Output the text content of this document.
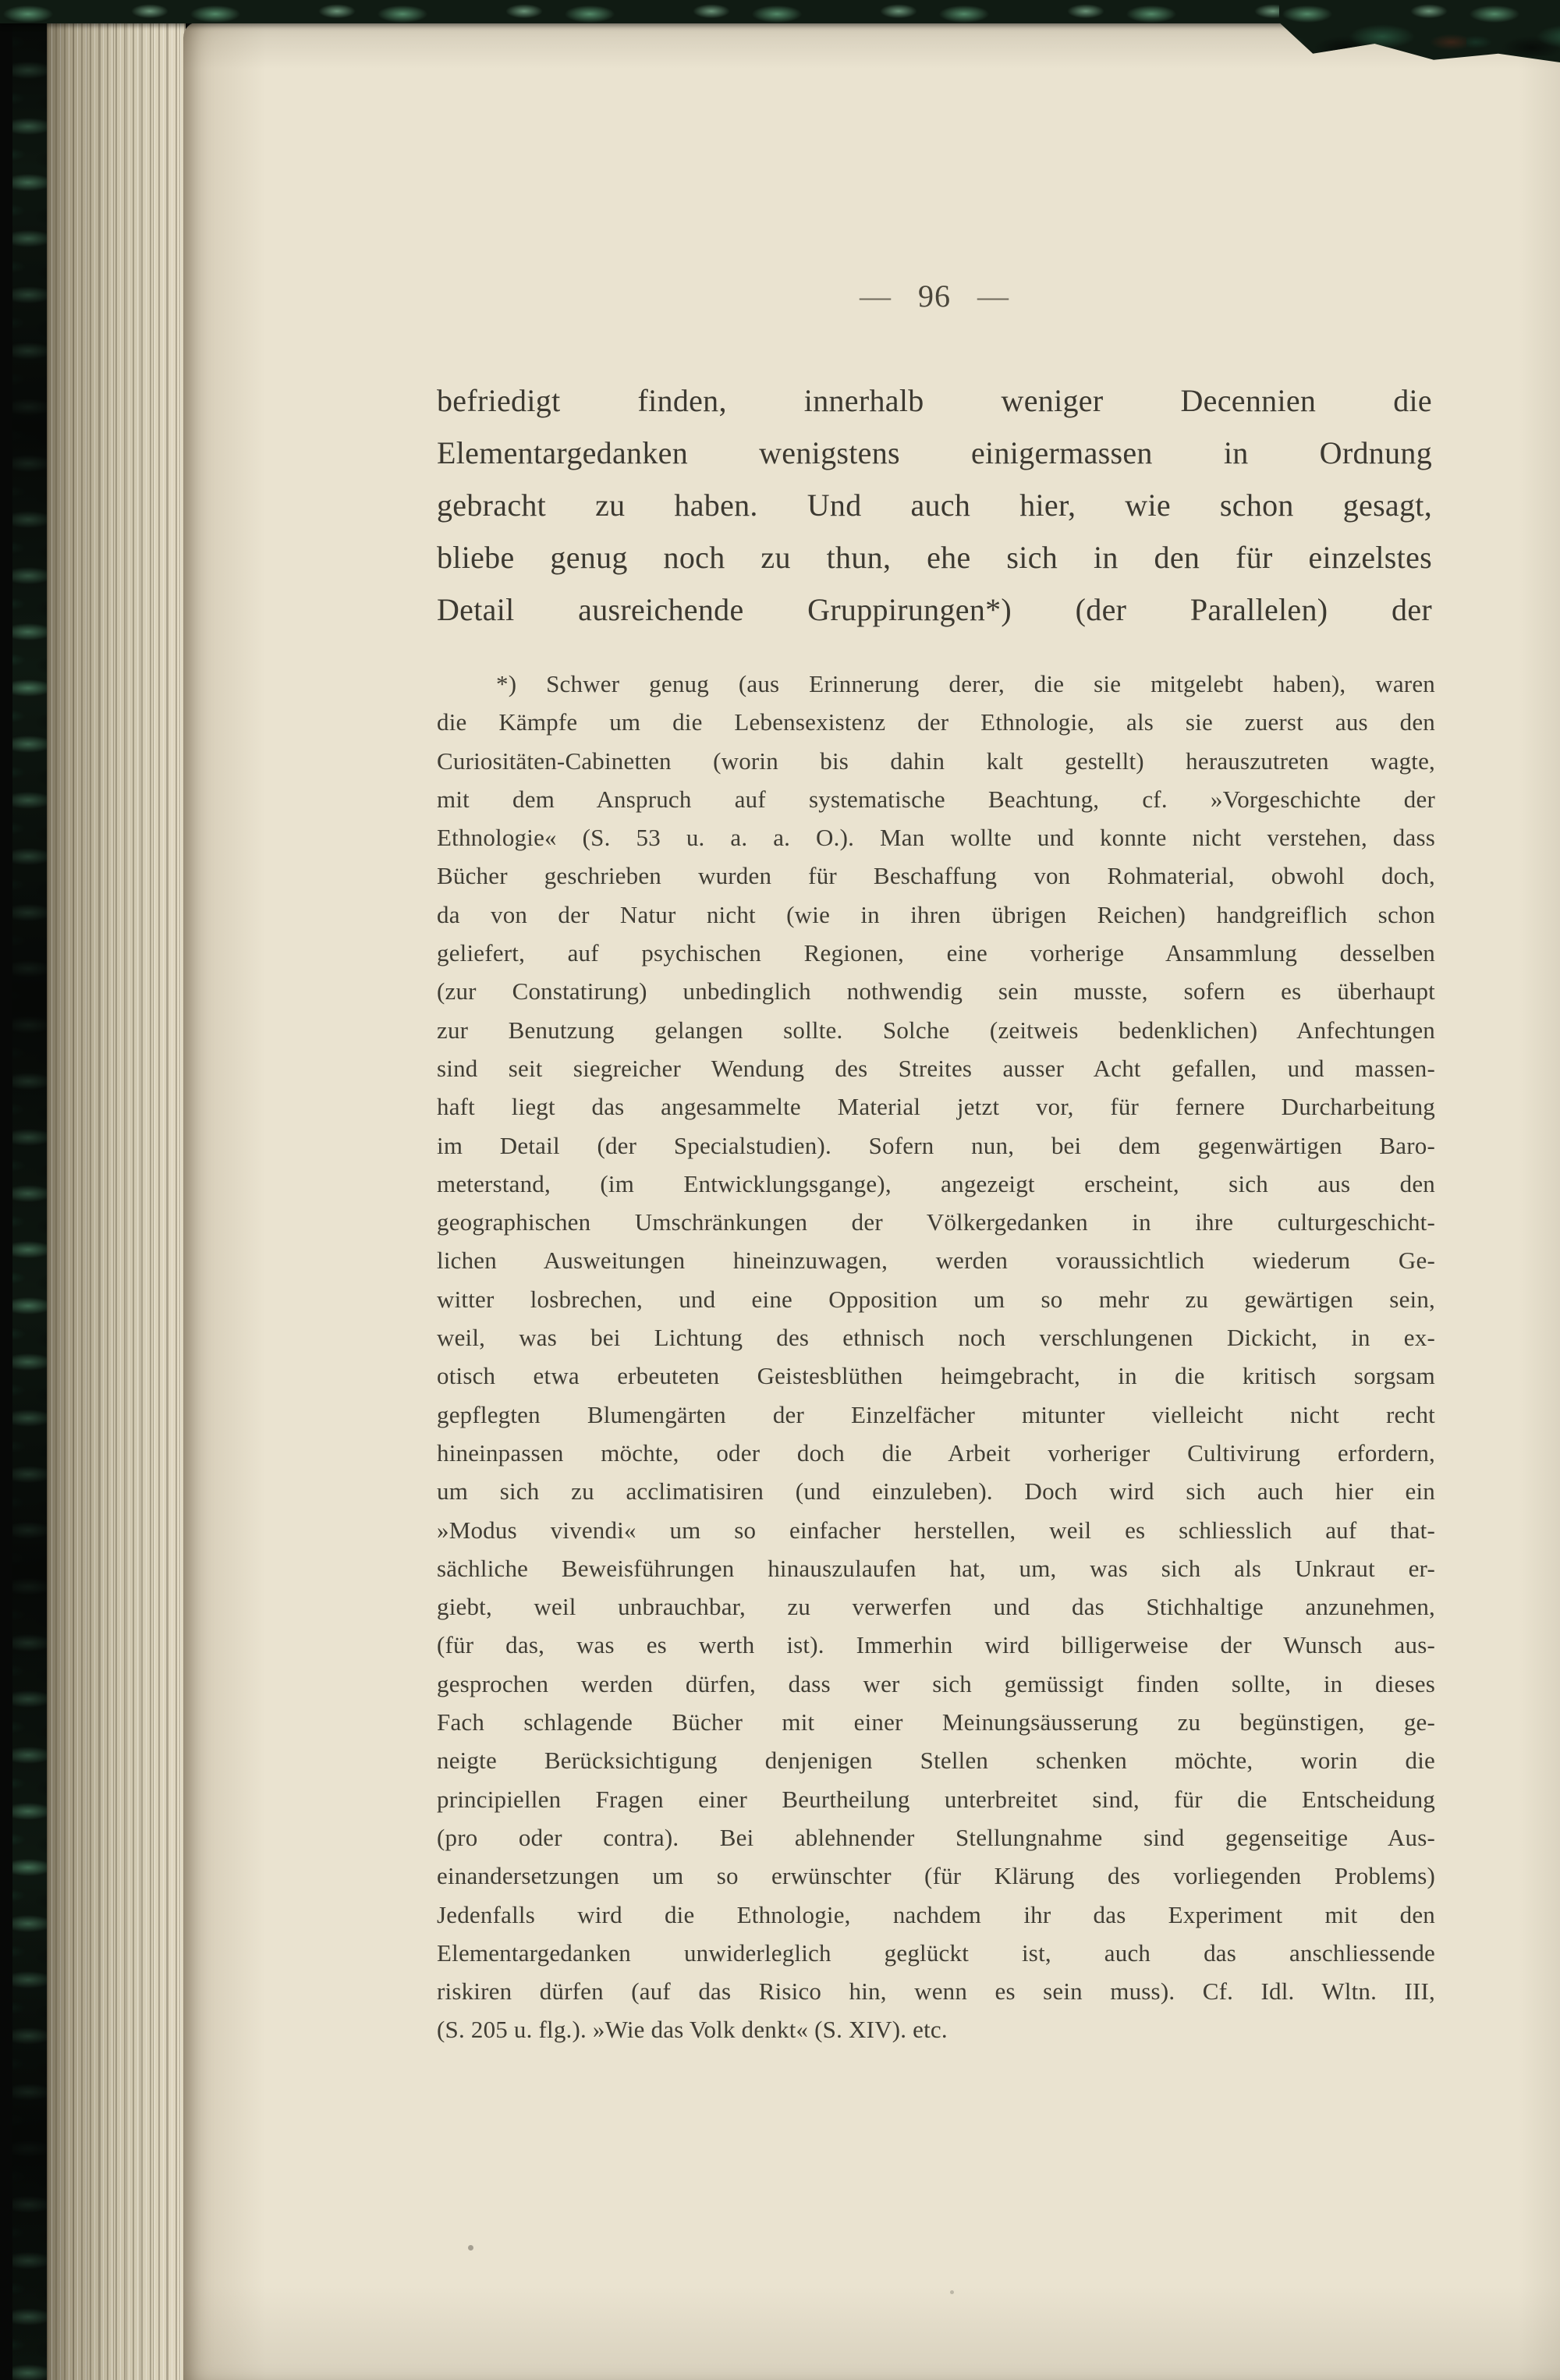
— 96 —
befriedigt finden, innerhalb weniger Decennien die
Elementargedanken wenigstens einigermassen in Ordnung
gebracht zu haben. Und auch hier, wie schon gesagt,
bliebe genug noch zu thun, ehe sich in den für einzelstes
Detail ausreichende Gruppirungen*) (der Parallelen) der
*) Schwer genug (aus Erinnerung derer, die sie mitgelebt haben), waren
die Kämpfe um die Lebensexistenz der Ethnologie, als sie zuerst aus den
Curiositäten-Cabinetten (worin bis dahin kalt gestellt) herauszutreten wagte,
mit dem Anspruch auf systematische Beachtung, cf. »Vorgeschichte der
Ethnologie« (S. 53 u. a. a. O.). Man wollte und konnte nicht verstehen, dass
Bücher geschrieben wurden für Beschaffung von Rohmaterial, obwohl doch,
da von der Natur nicht (wie in ihren übrigen Reichen) handgreiflich schon
geliefert, auf psychischen Regionen, eine vorherige Ansammlung desselben
(zur Constatirung) unbedinglich nothwendig sein musste, sofern es überhaupt
zur Benutzung gelangen sollte. Solche (zeitweis bedenklichen) Anfechtungen
sind seit siegreicher Wendung des Streites ausser Acht gefallen, und massen-
haft liegt das angesammelte Material jetzt vor, für fernere Durcharbeitung
im Detail (der Specialstudien). Sofern nun, bei dem gegenwärtigen Baro-
meterstand, (im Entwicklungsgange), angezeigt erscheint, sich aus den
geographischen Umschränkungen der Völkergedanken in ihre culturgeschicht-
lichen Ausweitungen hineinzuwagen, werden voraussichtlich wiederum Ge-
witter losbrechen, und eine Opposition um so mehr zu gewärtigen sein,
weil, was bei Lichtung des ethnisch noch verschlungenen Dickicht, in ex-
otisch etwa erbeuteten Geistesblüthen heimgebracht, in die kritisch sorgsam
gepflegten Blumengärten der Einzelfächer mitunter vielleicht nicht recht
hineinpassen möchte, oder doch die Arbeit vorheriger Cultivirung erfordern,
um sich zu acclimatisiren (und einzuleben). Doch wird sich auch hier ein
»Modus vivendi« um so einfacher herstellen, weil es schliesslich auf that-
sächliche Beweisführungen hinauszulaufen hat, um, was sich als Unkraut er-
giebt, weil unbrauchbar, zu verwerfen und das Stichhaltige anzunehmen,
(für das, was es werth ist). Immerhin wird billigerweise der Wunsch aus-
gesprochen werden dürfen, dass wer sich gemüssigt finden sollte, in dieses
Fach schlagende Bücher mit einer Meinungsäusserung zu begünstigen, ge-
neigte Berücksichtigung denjenigen Stellen schenken möchte, worin die
principiellen Fragen einer Beurtheilung unterbreitet sind, für die Entscheidung
(pro oder contra). Bei ablehnender Stellungnahme sind gegenseitige Aus-
einandersetzungen um so erwünschter (für Klärung des vorliegenden Problems)
Jedenfalls wird die Ethnologie, nachdem ihr das Experiment mit den
Elementargedanken unwiderleglich geglückt ist, auch das anschliessende
riskiren dürfen (auf das Risico hin, wenn es sein muss). Cf. Idl. Wltn. III,
(S. 205 u. flg.). »Wie das Volk denkt« (S. XIV). etc.
